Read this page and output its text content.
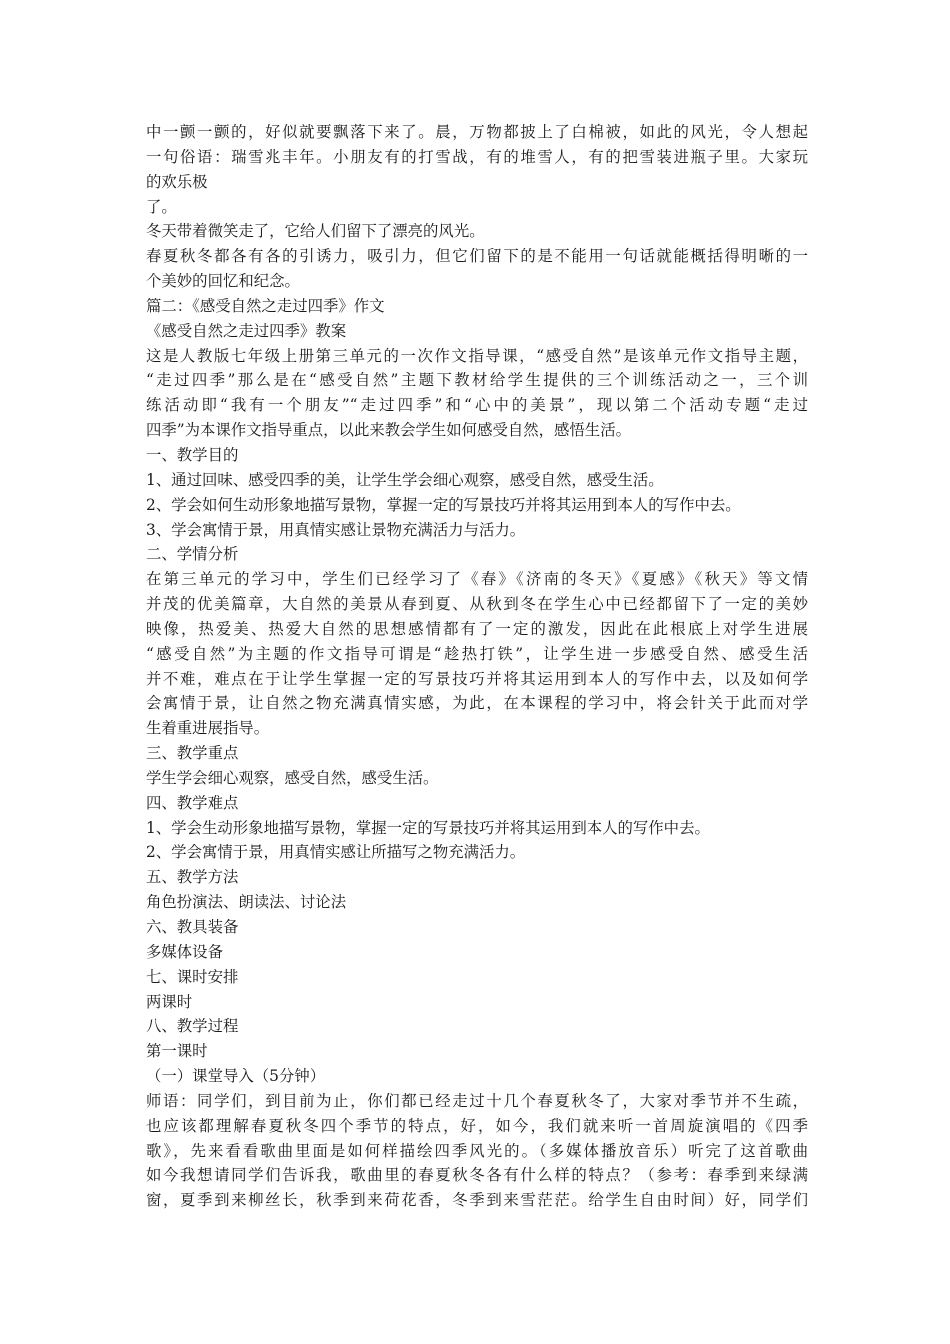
中一颤一颤的，好似就要飘落下来了。晨，万物都披上了白棉被，如此的风光，令人想起
一句俗语：瑞雪兆丰年。小朋友有的打雪战，有的堆雪人，有的把雪装进瓶子里。大家玩
的欢乐极
了。
冬天带着微笑走了，它给人们留下了漂亮的风光。
春夏秋冬都各有各的引诱力，吸引力，但它们留下的是不能用一句话就能概括得明晰的一
个美妙的回忆和纪念。
篇二：《感受自然之走过四季》作文
《感受自然之走过四季》教案
这是人教版七年级上册第三单元的一次作文指导课，“感受自然”是该单元作文指导主题，
“走过四季”那么是在“感受自然”主题下教材给学生提供的三个训练活动之一，三个训
练活动即“我有一个朋友”“走过四季”和“心中的美景”，现以第二个活动专题“走过
四季”为本课作文指导重点，以此来教会学生如何感受自然，感悟生活。
一、教学目的
1、通过回味、感受四季的美，让学生学会细心观察，感受自然，感受生活。
2、学会如何生动形象地描写景物，掌握一定的写景技巧并将其运用到本人的写作中去。
3、学会寓情于景，用真情实感让景物充满活力与活力。
二、学情分析
在第三单元的学习中，学生们已经学习了《春》《济南的冬天》《夏感》《秋天》等文情
并茂的优美篇章，大自然的美景从春到夏、从秋到冬在学生心中已经都留下了一定的美妙
映像，热爱美、热爱大自然的思想感情都有了一定的激发，因此在此根底上对学生进展
“感受自然”为主题的作文指导可谓是“趁热打铁”，让学生进一步感受自然、感受生活
并不难，难点在于让学生掌握一定的写景技巧并将其运用到本人的写作中去，以及如何学
会寓情于景，让自然之物充满真情实感，为此，在本课程的学习中，将会针关于此而对学
生着重进展指导。
三、教学重点
学生学会细心观察，感受自然，感受生活。
四、教学难点
1、学会生动形象地描写景物，掌握一定的写景技巧并将其运用到本人的写作中去。
2、学会寓情于景，用真情实感让所描写之物充满活力。
五、教学方法
角色扮演法、朗读法、讨论法
六、教具装备
多媒体设备
七、课时安排
两课时
八、教学过程
第一课时
（一）课堂导入（5分钟）
师语：同学们，到目前为止，你们都已经走过十几个春夏秋冬了，大家对季节并不生疏，
也应该都理解春夏秋冬四个季节的特点，好，如今，我们就来听一首周旋演唱的《四季
歌》，先来看看歌曲里面是如何样描绘四季风光的。（多媒体播放音乐）听完了这首歌曲
如今我想请同学们告诉我，歌曲里的春夏秋冬各有什么样的特点？（参考：春季到来绿满
窗，夏季到来柳丝长，秋季到来荷花香，冬季到来雪茫茫。给学生自由时间）好，同学们
